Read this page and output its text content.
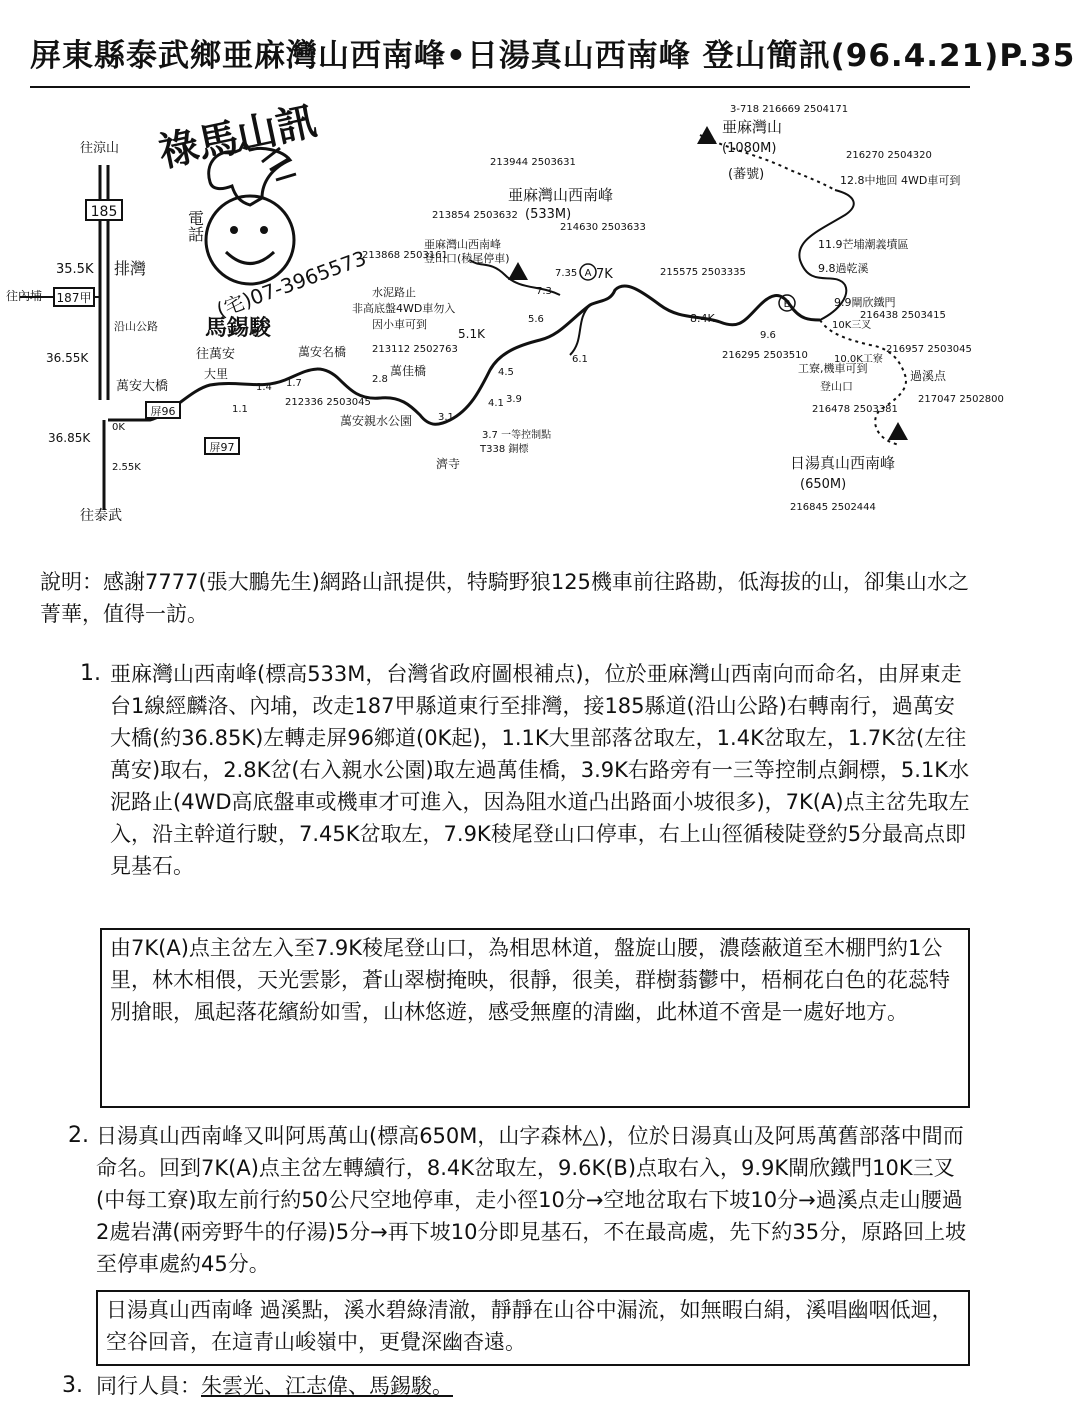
屏東縣泰武鄉亜麻灣山西南峰•日湯真山西南峰 登山簡訊(96.4.21)P.35
祿馬山訊
電話
(宅)07-3965573
馬錫駿
185
187甲
屏96
屏97
亜麻灣山
(1080M)
(蕃號)
3-718 216669 2504171
亜麻灣山西南峰
(533M)
213944 2503631
日湯真山西南峰
(650M)
216845 2502444
往涼山
35.5K 排灣
往內埔
沿山公路
36.55K
萬安大橋
36.85K
0K
往泰武
2.55K
大里
1.1
1.4 1.7
往萬安	萬安名橋
212336 2503045
2.8
萬佳橋
213112 2502763
萬安親水公園
213868 2503161
水泥路止
非高底盤4WD車勿入
因小車可到
213854 2503632
亜麻灣山西南峰
登山口(稜尾停車)
214630 2503633
5.1K
5.6
7.3
7.35 7K
A
6.1
4.5
4.1
3.1
3.9
3.7 一等控制點
T338 銅標
濟寺
215575 2503335
8.4K
9.6
B
216295 2503510
9.8過乾溪
9.9閘欣鐵門
10K三叉
216438 2503415
10.0K工寮
工寮,機車可到
登山口
216957 2503045
過溪点
217047 2502800
216478 2503381
11.9芒埔潮義墳區
12.8中地回 4WD車可到
216270 2504320
說明：感謝7777(張大鵬先生)網路山訊提供，特騎野狼125機車前往路勘，低海拔的山，卻集山水之菁華，值得一訪。
1. 亜麻灣山西南峰(標高533M，台灣省政府圖根補点)，位於亜麻灣山西南向而命名，由屏東走台1線經麟洛、內埔，改走187甲縣道東行至排灣，接185縣道(沿山公路)右轉南行，過萬安大橋(約36.85K)左轉走屏96鄉道(0K起)，1.1K大里部落岔取左，1.4K岔取左，1.7K岔(左往萬安)取右，2.8K岔(右入親水公園)取左過萬佳橋，3.9K右路旁有一三等控制点銅標，5.1K水泥路止(4WD高底盤車或機車才可進入，因為阻水道凸出路面小坡很多)，7K(A)点主岔先取左入，沿主幹道行駛，7.45K岔取左，7.9K稜尾登山口停車，右上山徑循稜陡登約5分最高点即見基石。
由7K(A)点主岔左入至7.9K稜尾登山口，為相思林道，盤旋山腰，濃蔭蔽道至木棚門約1公里，林木相偎，天光雲影，蒼山翠樹掩映，很靜，很美，群樹蓊鬱中，梧桐花白色的花蕊特別搶眼，風起落花繽紛如雪，山林悠遊，感受無塵的清幽，此林道不啻是一處好地方。
2. 日湯真山西南峰又叫阿馬萬山(標高650M，山字森林△)，位於日湯真山及阿馬萬舊部落中間而命名。回到7K(A)点主岔左轉續行，8.4K岔取左，9.6K(B)点取右入，9.9K閘欣鐵門10K三叉(中每工寮)取左前行約50公尺空地停車，走小徑10分→空地岔取右下坡10分→過溪点走山腰過2處岩溝(兩旁野牛的仔湯)5分→再下坡10分即見基石，不在最高處，先下約35分，原路回上坡至停車處約45分。
日湯真山西南峰 過溪點，溪水碧綠清澈，靜靜在山谷中漏流，如無暇白絹，溪唱幽咽低迴，空谷回音，在這青山峻嶺中，更覺深幽杳遠。
3. 同行人員：朱雲光、江志偉、馬錫駿。
